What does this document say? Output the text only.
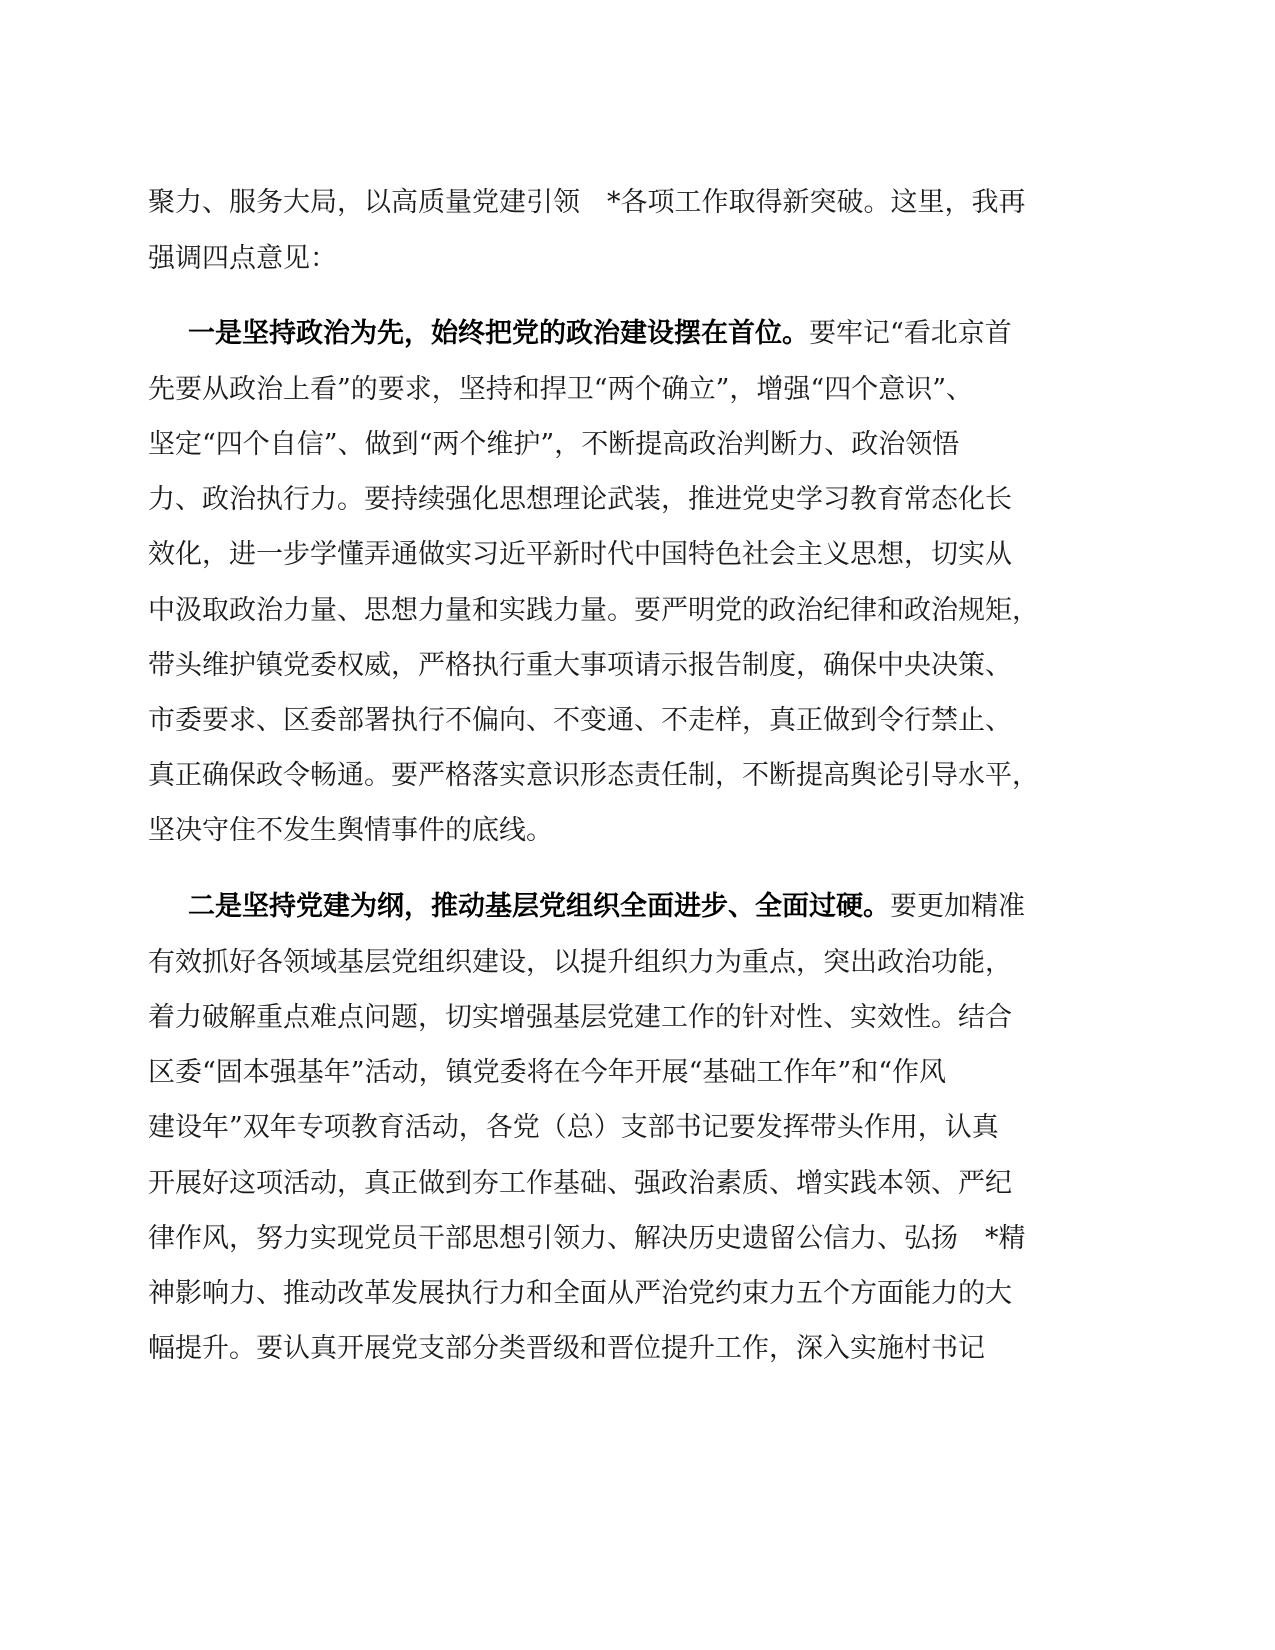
聚力、服务大局，以高质量党建引领　*各项工作取得新突破。这里，我再
强调四点意见：
一是坚持政治为先，始终把党的政治建设摆在首位。要牢记“看北京首
先要从政治上看”的要求，坚持和捍卫“两个确立”，增强“四个意识”、
坚定“四个自信”、做到“两个维护”，不断提高政治判断力、政治领悟
力、政治执行力。要持续强化思想理论武装，推进党史学习教育常态化长
效化，进一步学懂弄通做实习近平新时代中国特色社会主义思想，切实从
中汲取政治力量、思想力量和实践力量。要严明党的政治纪律和政治规矩，
带头维护镇党委权威，严格执行重大事项请示报告制度，确保中央决策、
市委要求、区委部署执行不偏向、不变通、不走样，真正做到令行禁止、
真正确保政令畅通。要严格落实意识形态责任制，不断提高舆论引导水平，
坚决守住不发生舆情事件的底线。
二是坚持党建为纲，推动基层党组织全面进步、全面过硬。要更加精准
有效抓好各领域基层党组织建设，以提升组织力为重点，突出政治功能，
着力破解重点难点问题，切实增强基层党建工作的针对性、实效性。结合
区委“固本强基年”活动，镇党委将在今年开展“基础工作年”和“作风
建设年”双年专项教育活动，各党（总）支部书记要发挥带头作用，认真
开展好这项活动，真正做到夯工作基础、强政治素质、增实践本领、严纪
律作风，努力实现党员干部思想引领力、解决历史遗留公信力、弘扬　*精
神影响力、推动改革发展执行力和全面从严治党约束力五个方面能力的大
幅提升。要认真开展党支部分类晋级和晋位提升工作，深入实施村书记
